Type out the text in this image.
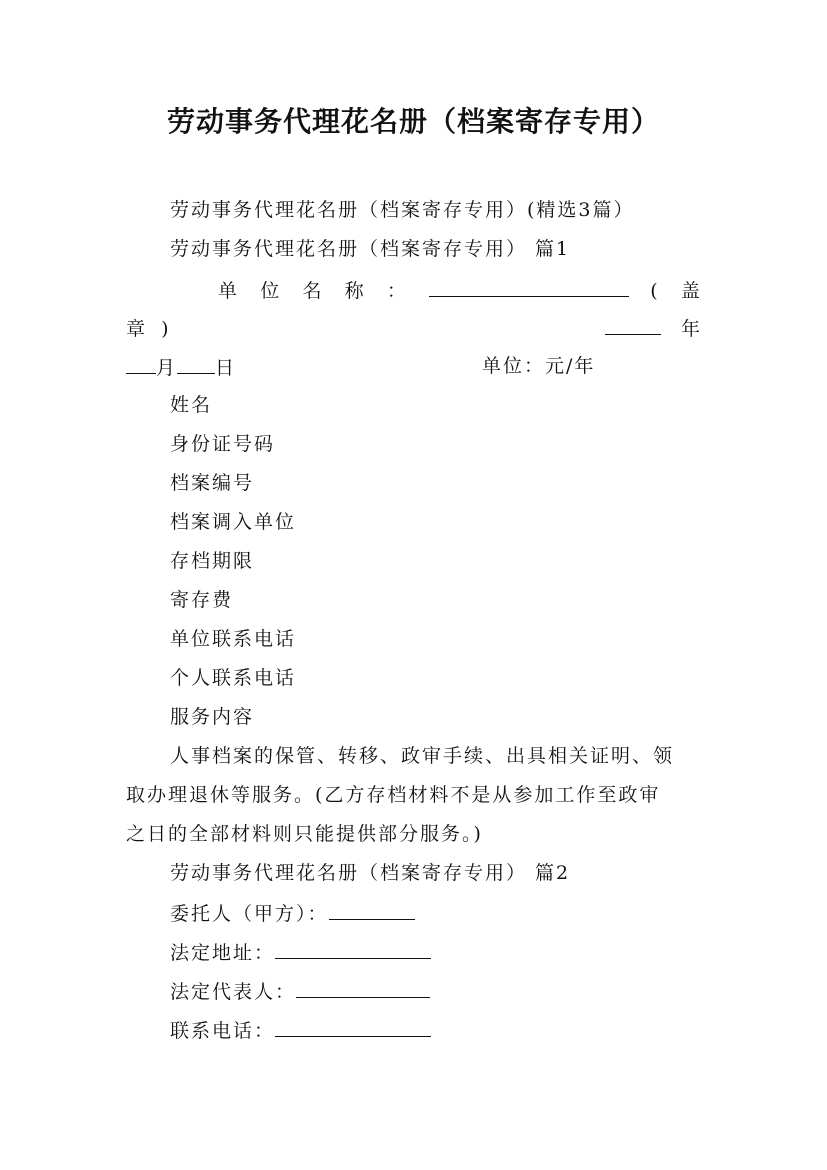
劳动事务代理花名册（档案寄存专用）
劳动事务代理花名册（档案寄存专用）(精选3篇）
劳动事务代理花名册（档案寄存专用） 篇1
单 位 名 称 ：	( 盖
章 )	年
月 日	单位：元/年
姓名
身份证号码
档案编号
档案调入单位
存档期限
寄存费
单位联系电话
个人联系电话
服务内容
人事档案的保管、转移、政审手续、出具相关证明、领
取办理退休等服务。(乙方存档材料不是从参加工作至政审
之日的全部材料则只能提供部分服务。)
劳动事务代理花名册（档案寄存专用） 篇2
委托人（甲方）：
法定地址：
法定代表人：
联系电话：
